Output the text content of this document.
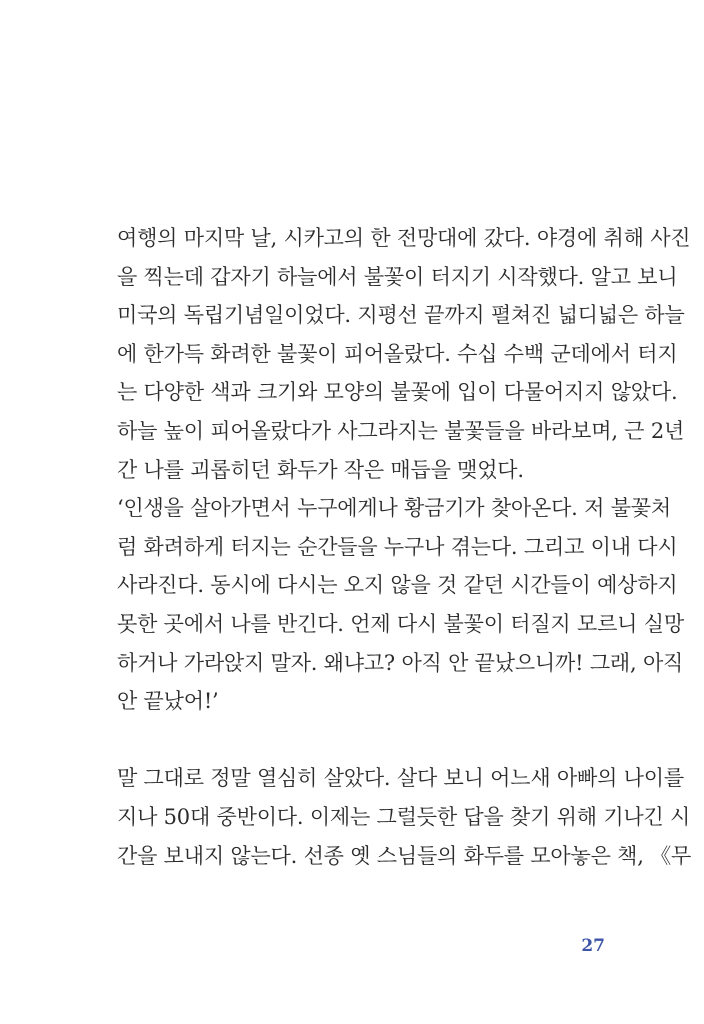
여행의 마지막 날, 시카고의 한 전망대에 갔다. 야경에 취해 사진
을 찍는데 갑자기 하늘에서 불꽃이 터지기 시작했다. 알고 보니
미국의 독립기념일이었다. 지평선 끝까지 펼쳐진 넓디넓은 하늘
에 한가득 화려한 불꽃이 피어올랐다. 수십 수백 군데에서 터지
는 다양한 색과 크기와 모양의 불꽃에 입이 다물어지지 않았다.
하늘 높이 피어올랐다가 사그라지는 불꽃들을 바라보며, 근 2년
간 나를 괴롭히던 화두가 작은 매듭을 맺었다.
‘인생을 살아가면서 누구에게나 황금기가 찾아온다. 저 불꽃처
럼 화려하게 터지는 순간들을 누구나 겪는다. 그리고 이내 다시
사라진다. 동시에 다시는 오지 않을 것 같던 시간들이 예상하지
못한 곳에서 나를 반긴다. 언제 다시 불꽃이 터질지 모르니 실망
하거나 가라앉지 말자. 왜냐고? 아직 안 끝났으니까! 그래, 아직
안 끝났어!’
말 그대로 정말 열심히 살았다. 살다 보니 어느새 아빠의 나이를
지나 50대 중반이다. 이제는 그럴듯한 답을 찾기 위해 기나긴 시
간을 보내지 않는다. 선종 옛 스님들의 화두를 모아놓은 책, 《무
27
